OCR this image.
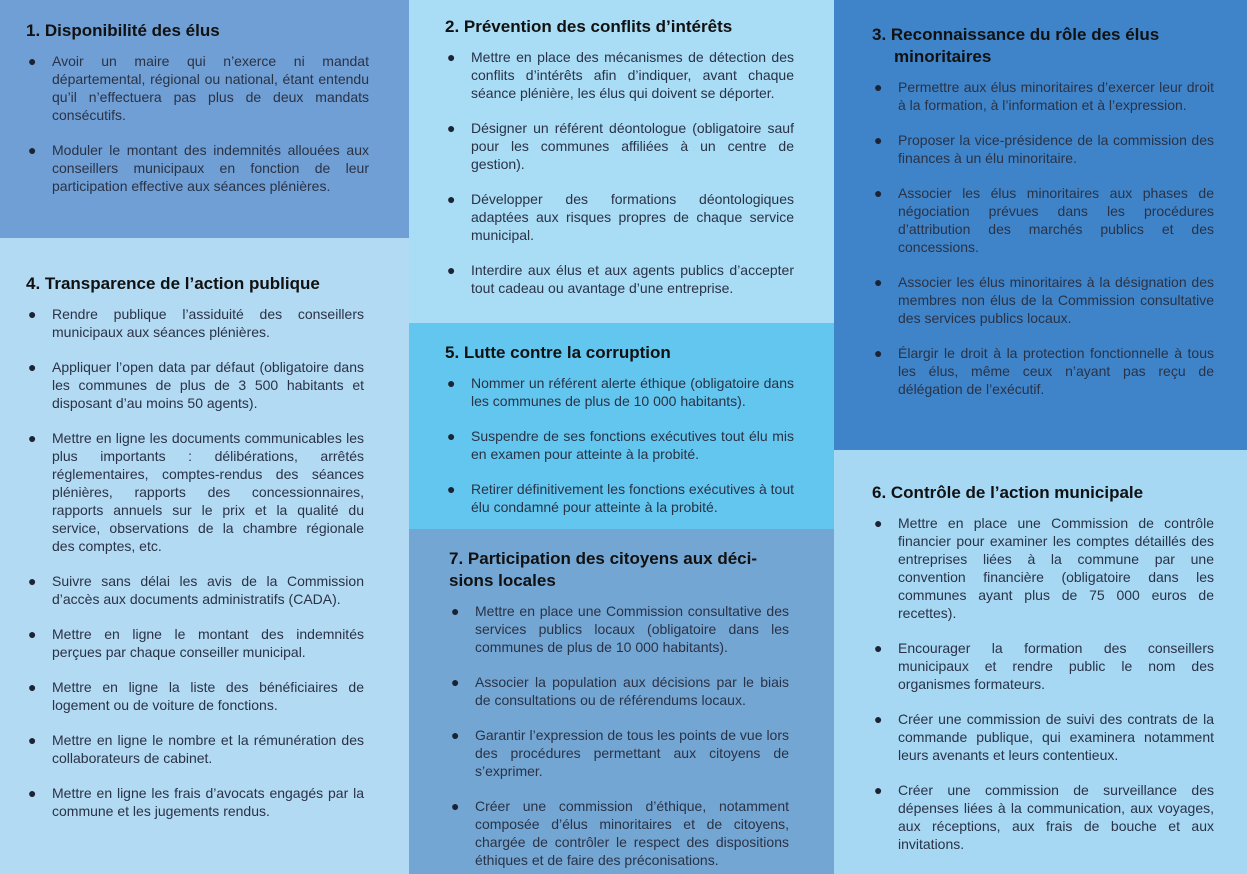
1. Disponibilité des élus
● Avoir un maire qui n’exerce ni mandat départemental, régional ou national, étant entendu qu’il n’effectuera pas plus de deux mandats consécutifs.
● Moduler le montant des indemnités allouées aux conseillers municipaux en fonction de leur participation effective aux séances plénières.
4. Transparence de l’action publique
● Rendre publique l’assiduité des conseillers municipaux aux séances plénières.
● Appliquer l’open data par défaut (obligatoire dans les communes de plus de 3 500 habitants et disposant d’au moins 50 agents).
● Mettre en ligne les documents communicables les plus importants : délibérations, arrêtés réglementaires, comptes-rendus des séances plénières, rapports des concessionnaires, rapports annuels sur le prix et la qualité du service, observations de la chambre régionale des comptes, etc.
● Suivre sans délai les avis de la Commission d’accès aux documents administratifs (CADA).
● Mettre en ligne le montant des indemnités perçues par chaque conseiller municipal.
● Mettre en ligne la liste des bénéficiaires de logement ou de voiture de fonctions.
● Mettre en ligne le nombre et la rémunération des collaborateurs de cabinet.
● Mettre en ligne les frais d’avocats engagés par la commune et les jugements rendus.
2. Prévention des conflits d’intérêts
● Mettre en place des mécanismes de détection des conflits d’intérêts afin d’indiquer, avant chaque séance plénière, les élus qui doivent se déporter.
● Désigner un référent déontologue (obligatoire sauf pour les communes affiliées à un centre de gestion).
● Développer des formations déontologiques adaptées aux risques propres de chaque service municipal.
● Interdire aux élus et aux agents publics d’accepter tout cadeau ou avantage d’une entreprise.
5. Lutte contre la corruption
● Nommer un référent alerte éthique (obligatoire dans les communes de plus de 10 000 habitants).
● Suspendre de ses fonctions exécutives tout élu mis en examen pour atteinte à la probité.
● Retirer définitivement les fonctions exécutives à tout élu condamné pour atteinte à la probité.
7. Participation des citoyens aux déci-
sions locales
● Mettre en place une Commission consultative des services publics locaux (obligatoire dans les communes de plus de 10 000 habitants).
● Associer la population aux décisions par le biais de consultations ou de référendums locaux.
● Garantir l’expression de tous les points de vue lors des procédures permettant aux citoyens de s’exprimer.
● Créer une commission d’éthique, notamment composée d’élus minoritaires et de citoyens, chargée de contrôler le respect des dispositions éthiques et de faire des préconisations.
3. Reconnaissance du rôle des élus
minoritaires
● Permettre aux élus minoritaires d’exercer leur droit à la formation, à l’information et à l’expression.
● Proposer la vice-présidence de la commission des finances à un élu minoritaire.
● Associer les élus minoritaires aux phases de négociation prévues dans les procédures d’attribution des marchés publics et des concessions.
● Associer les élus minoritaires à la désignation des membres non élus de la Commission consultative des services publics locaux.
● Élargir le droit à la protection fonctionnelle à tous les élus, même ceux n’ayant pas reçu de délégation de l’exécutif.
6. Contrôle de l’action municipale
● Mettre en place une Commission de contrôle financier pour examiner les comptes détaillés des entreprises liées à la commune par une convention financière (obligatoire dans les communes ayant plus de 75 000 euros de recettes).
● Encourager la formation des conseillers municipaux et rendre public le nom des organismes formateurs.
● Créer une commission de suivi des contrats de la commande publique, qui examinera notamment leurs avenants et leurs contentieux.
● Créer une commission de surveillance des dépenses liées à la communication, aux voyages, aux réceptions, aux frais de bouche et aux invitations.
